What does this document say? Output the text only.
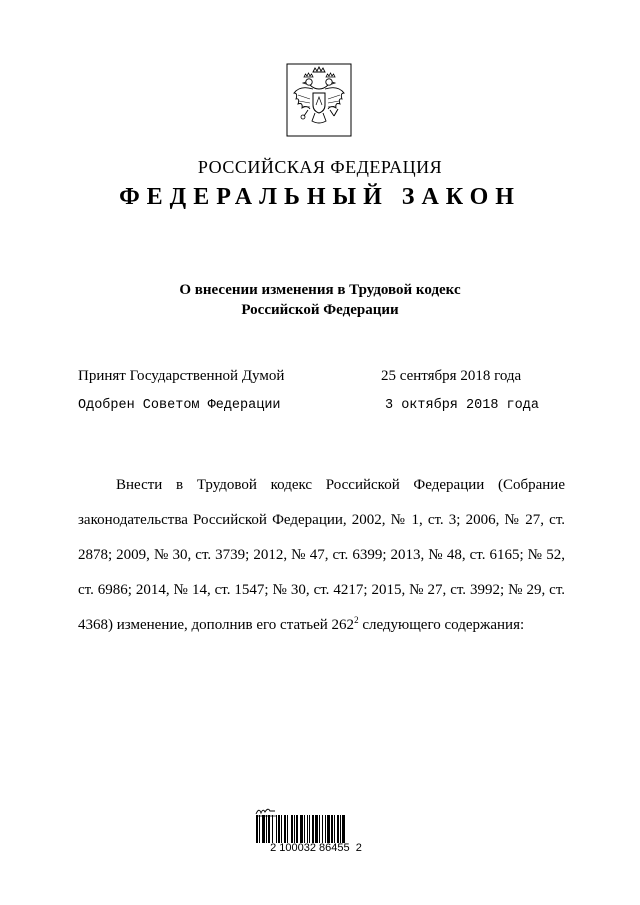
РОССИЙСКАЯ ФЕДЕРАЦИЯ
ФЕДЕРАЛЬНЫЙ ЗАКОН
О внесении изменения в Трудовой кодекс
Российской Федерации
Принят Государственной Думой	25 сентября 2018 года
Одобрен Советом Федерации	3 октября 2018 года
Внести в Трудовой кодекс Российской Федерации (Собрание законодательства Российской Федерации, 2002, № 1, ст. 3; 2006, № 27, ст. 2878; 2009, № 30, ст. 3739; 2012, № 47, ст. 6399; 2013, № 48, ст. 6165; № 52, ст. 6986; 2014, № 14, ст. 1547; № 30, ст. 4217; 2015, № 27, ст. 3992; № 29, ст. 4368) изменение, дополнив его статьей $262^2$ следующего содержания:
2 100032 86455  2
